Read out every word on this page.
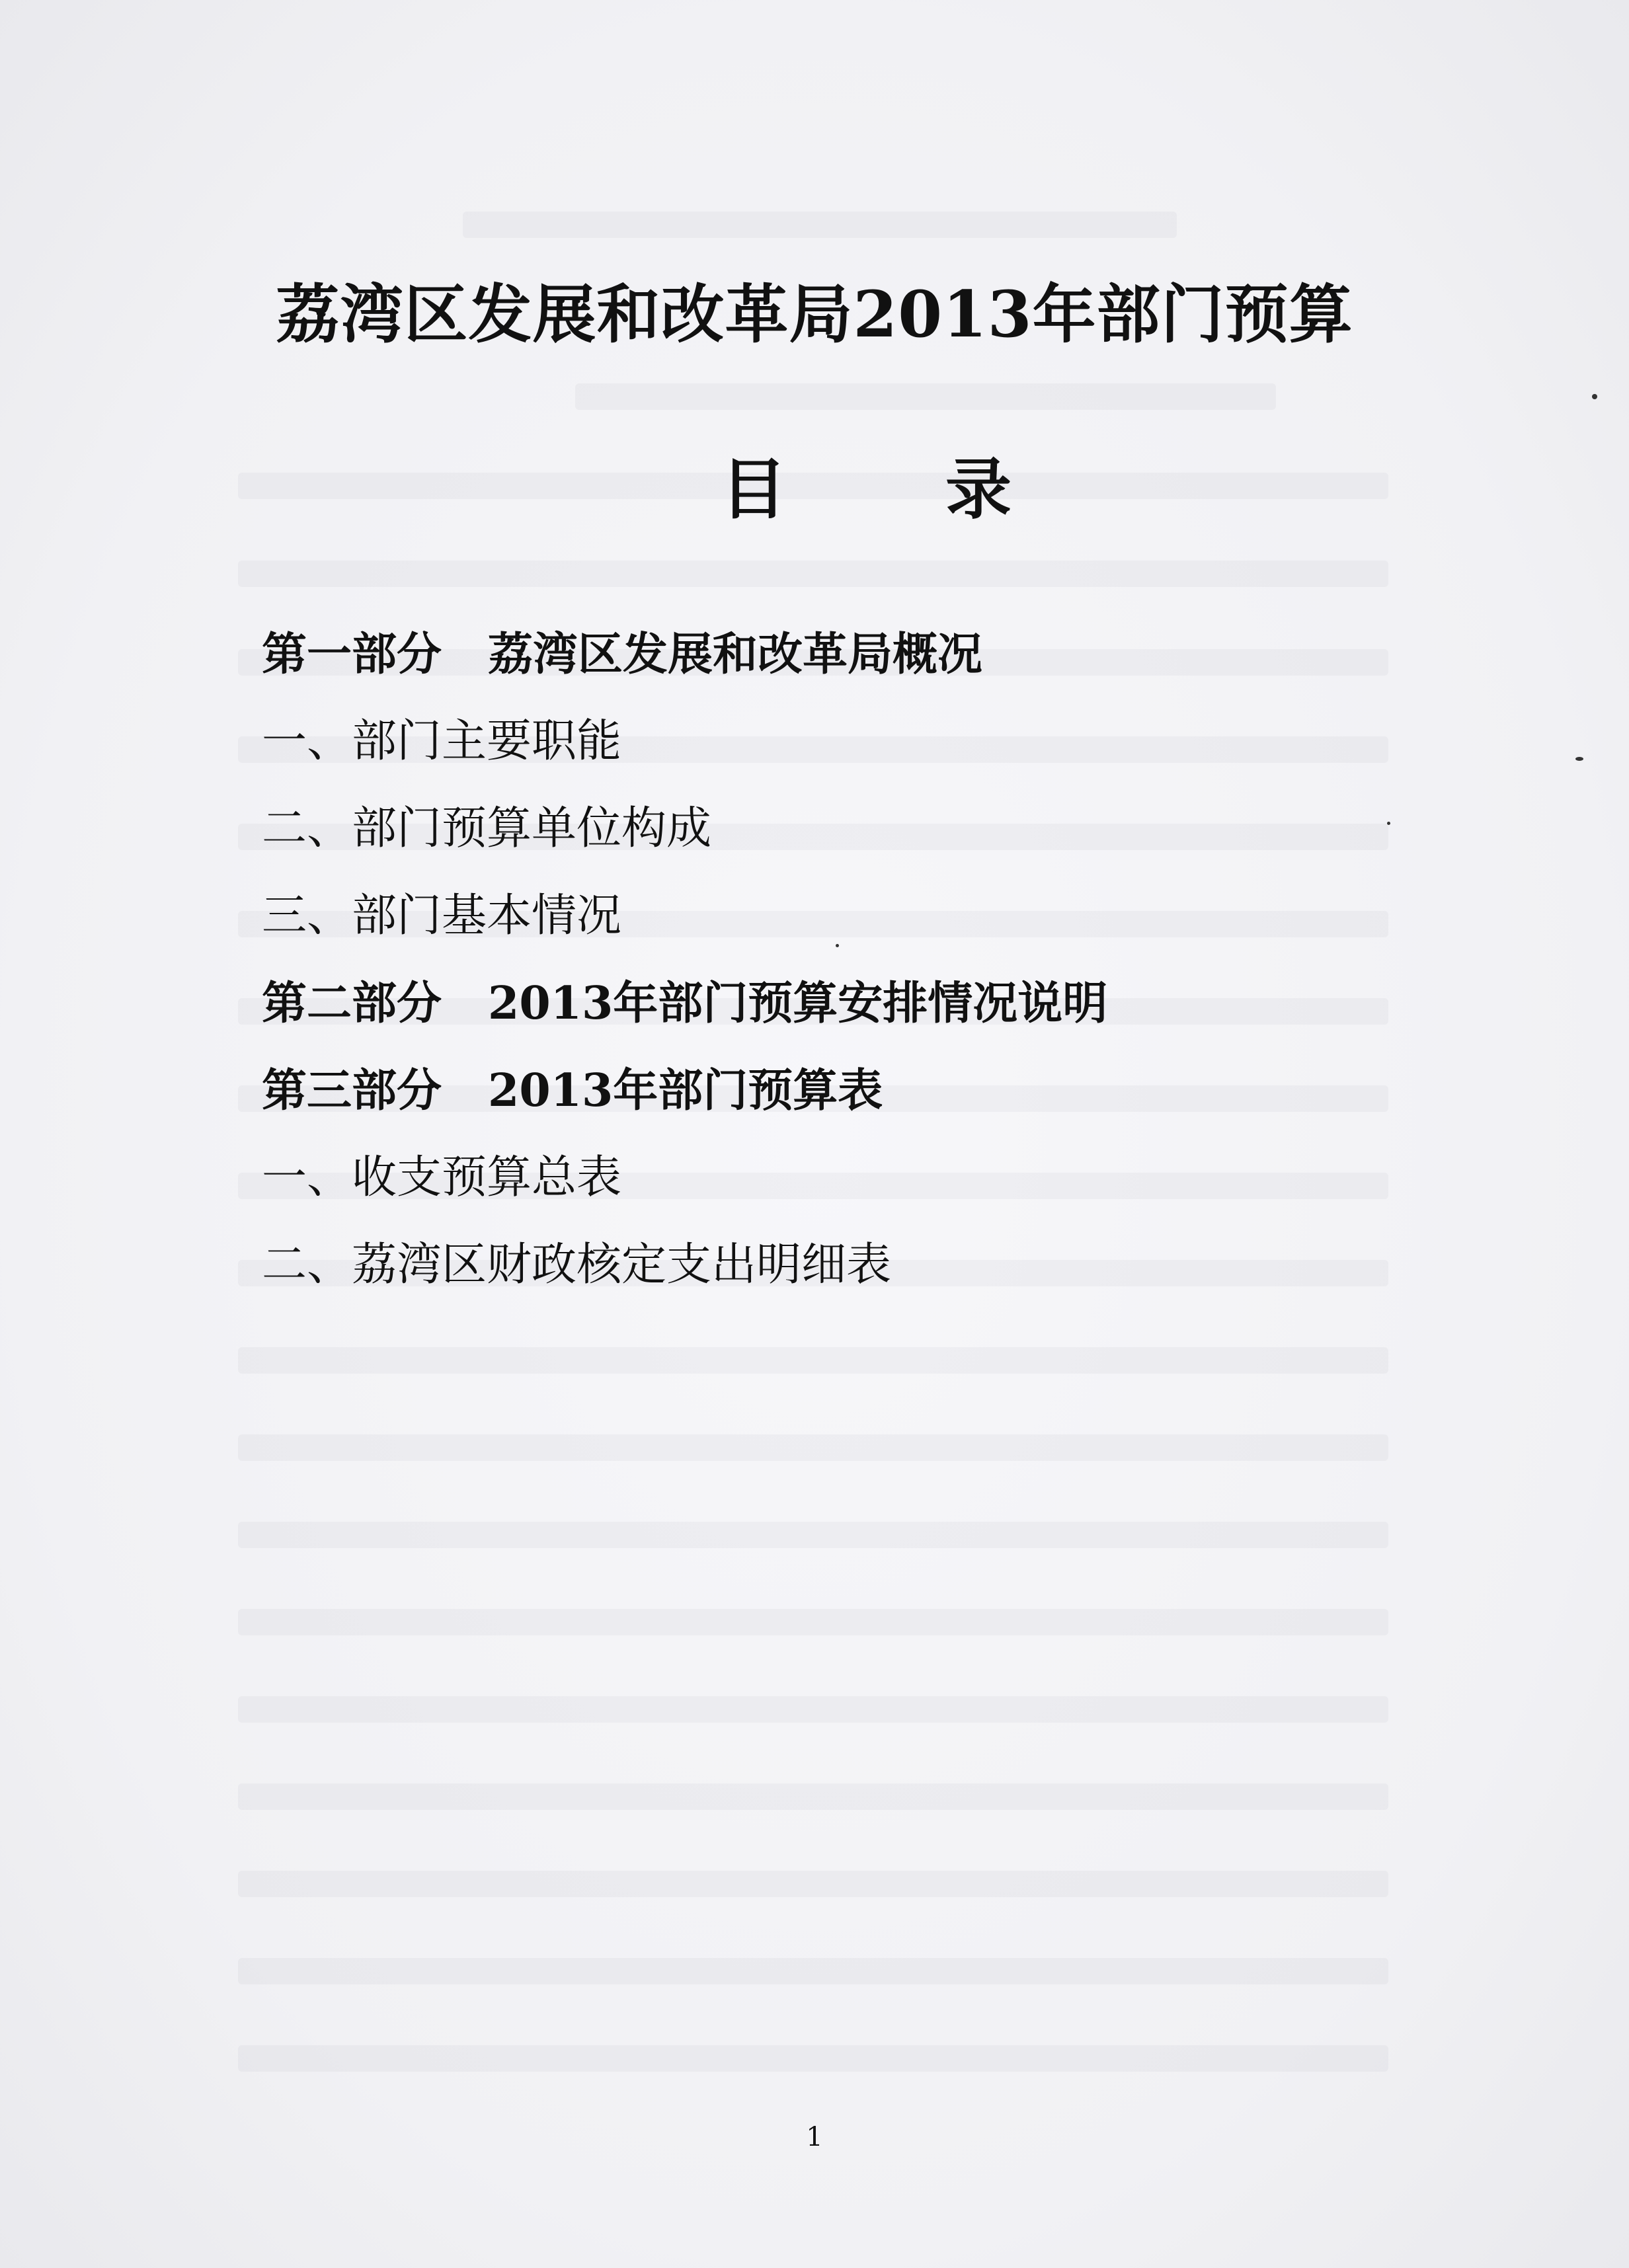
荔湾区发展和改革局2013年部门预算
目 录
第一部分 荔湾区发展和改革局概况
一、部门主要职能
二、部门预算单位构成
三、部门基本情况
第二部分 2013年部门预算安排情况说明
第三部分 2013年部门预算表
一、收支预算总表
二、荔湾区财政核定支出明细表
1
